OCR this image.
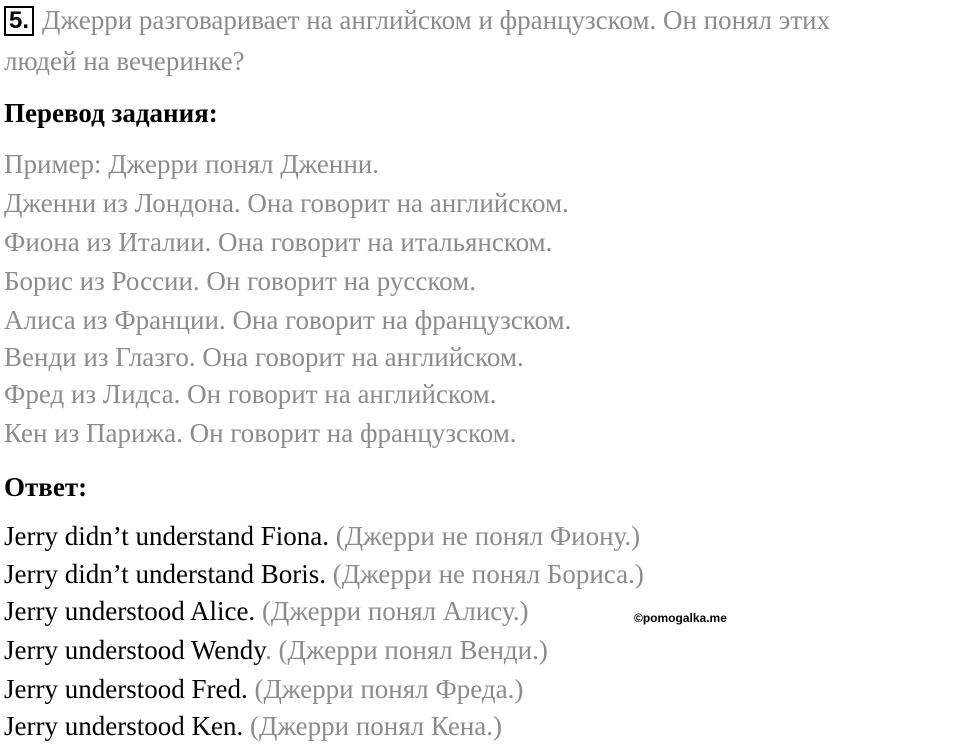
5. Джерри разговаривает на английском и французском. Он понял этих
людей на вечеринке?
Перевод задания:
Пример: Джерри понял Дженни.
Дженни из Лондона. Она говорит на английском.
Фиона из Италии. Она говорит на итальянском.
Борис из России. Он говорит на русском.
Алиса из Франции. Она говорит на французском.
Венди из Глазго. Она говорит на английском.
Фред из Лидса. Он говорит на английском.
Кен из Парижа. Он говорит на французском.
Ответ:
Jerry didn’t understand Fiona. (Джерри не понял Фиону.)
Jerry didn’t understand Boris. (Джерри не понял Бориса.)
Jerry understood Alice. (Джерри понял Алису.)
Jerry understood Wendy. (Джерри понял Венди.)
Jerry understood Fred. (Джерри понял Фреда.)
Jerry understood Ken. (Джерри понял Кена.)
©pomogalka.me
